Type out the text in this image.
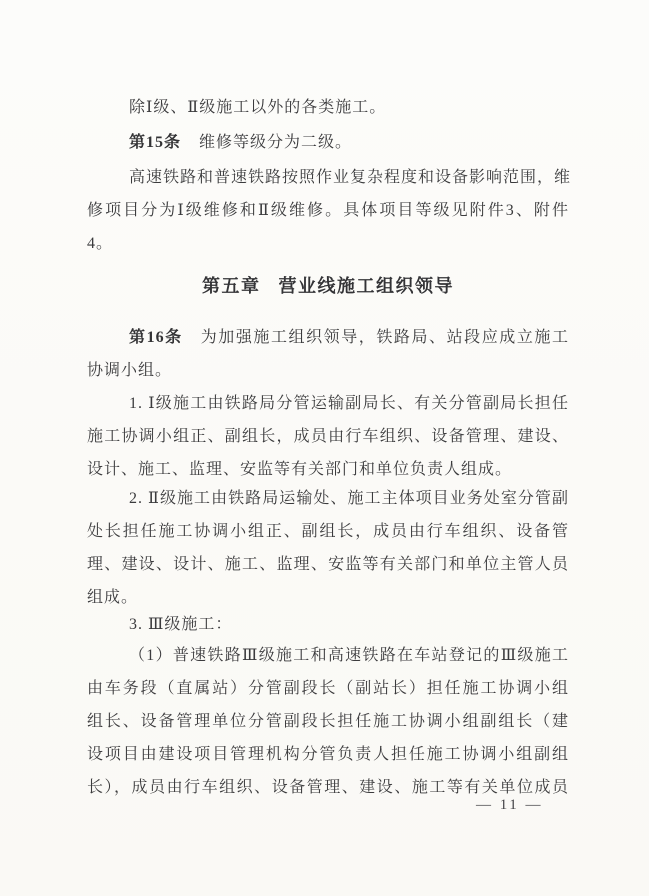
除Ⅰ级、Ⅱ级施工以外的各类施工。
第15条 维修等级分为二级。
高速铁路和普速铁路按照作业复杂程度和设备影响范围，维
修项目分为Ⅰ级维修和Ⅱ级维修。具体项目等级见附件3、附件
4。
第五章 营业线施工组织领导
第16条 为加强施工组织领导，铁路局、站段应成立施工
协调小组。
1. Ⅰ级施工由铁路局分管运输副局长、有关分管副局长担任
施工协调小组正、副组长，成员由行车组织、设备管理、建设、
设计、施工、监理、安监等有关部门和单位负责人组成。
2. Ⅱ级施工由铁路局运输处、施工主体项目业务处室分管副
处长担任施工协调小组正、副组长，成员由行车组织、设备管
理、建设、设计、施工、监理、安监等有关部门和单位主管人员
组成。
3. Ⅲ级施工：
（1）普速铁路Ⅲ级施工和高速铁路在车站登记的Ⅲ级施工
由车务段（直属站）分管副段长（副站长）担任施工协调小组
组长、设备管理单位分管副段长担任施工协调小组副组长（建
设项目由建设项目管理机构分管负责人担任施工协调小组副组
长），成员由行车组织、设备管理、建设、施工等有关单位成员
— 11 —
